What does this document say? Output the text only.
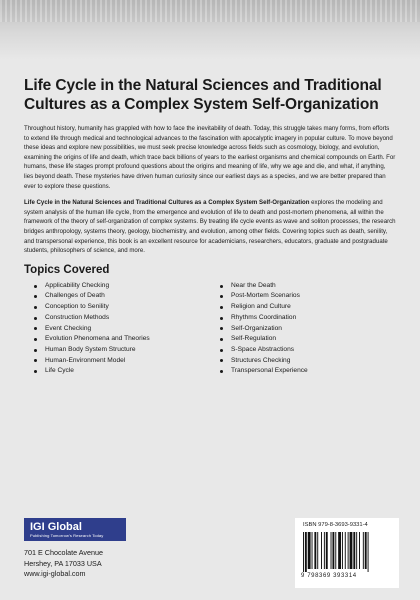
Life Cycle in the Natural Sciences and Traditional Cultures as a Complex System Self-Organization

Throughout history, humanity has grappled with how to face the inevitability of death. Today, this struggle takes many forms, from efforts to extend life through medical and technological advances to the fascination with apocalyptic imagery in popular culture. To move beyond these ideas and explore new possibilities, we must seek precise knowledge across fields such as cosmology, biology, and evolution, examining the origins of life and death, which trace back billions of years to the earliest organisms and chemical compounds on Earth. For humans, these life stages prompt profound questions about the origins and meaning of life, why we age and die, and what, if anything, lies beyond death. These mysteries have driven human curiosity since our earliest days as a species, and we are better prepared than ever to explore these questions.

Life Cycle in the Natural Sciences and Traditional Cultures as a Complex System Self-Organization explores the modeling and system analysis of the human life cycle, from the emergence and evolution of life to death and post-mortem phenomena, all within the framework of the theory of self-organization of complex systems. By treating life cycle events as wave and soliton processes, the research bridges anthropology, systems theory, geology, biochemistry, and evolution, among other fields. Covering topics such as death, senility, and transpersonal experience, this book is an excellent resource for academicians, researchers, educators, graduate and postgraduate students, philosophers of science, and more.

Topics Covered
Applicability Checking
Challenges of Death
Conception to Senility
Construction Methods
Event Checking
Evolution Phenomena and Theories
Human Body System Structure
Human-Environment Model
Life Cycle
Near the Death
Post-Mortem Scenarios
Religion and Culture
Rhythms Coordination
Self-Organization
Self-Regulation
S-Space Abstractions
Structures Checking
Transpersonal Experience
IGI Global
Publishing Tomorrow's Research Today
701 E Chocolate Avenue
Hershey, PA 17033 USA
www.igi-global.com
ISBN 979-8-3693-9331-4
9 798369 393314
